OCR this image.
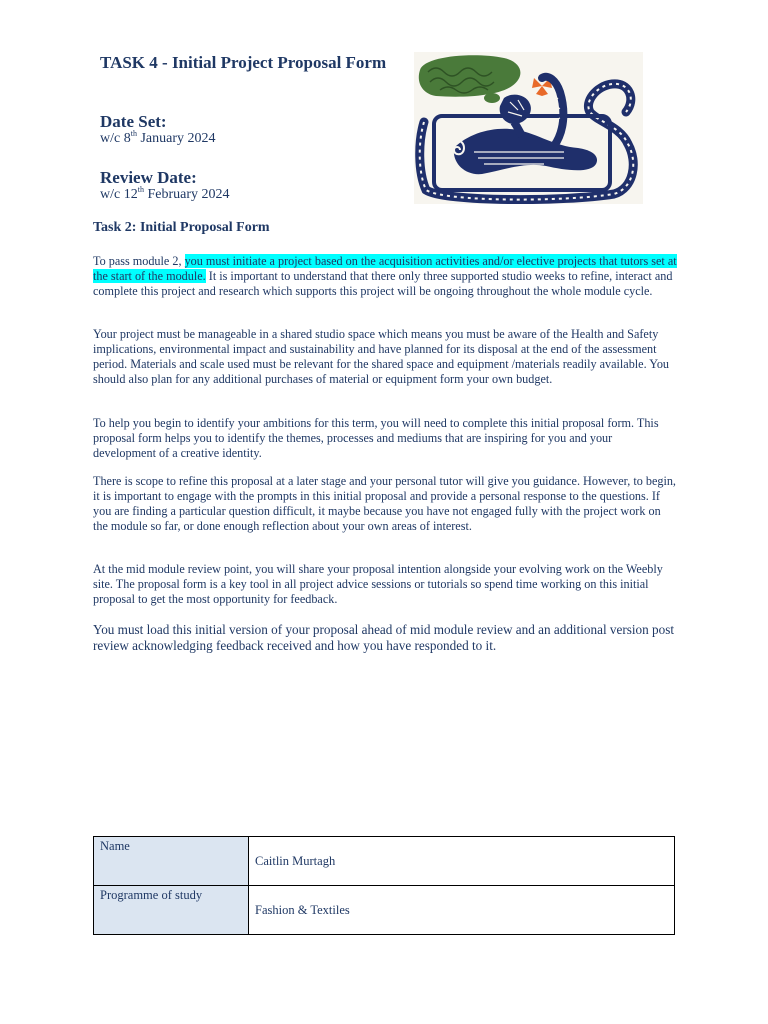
TASK 4 - Initial Project Proposal Form
Date Set:
w/c 8th January 2024
Review Date:
w/c 12th February 2024
Task 2: Initial Proposal Form

To pass module 2, you must initiate a project based on the acquisition activities and/or elective projects that tutors set at the start of the module. It is important to understand that there only three supported studio weeks to refine, interact and complete this project and research which supports this project will be ongoing throughout the whole module cycle.

Your project must be manageable in a shared studio space which means you must be aware of the Health and Safety implications, environmental impact and sustainability and have planned for its disposal at the end of the assessment period. Materials and scale used must be relevant for the shared space and equipment /materials readily available. You should also plan for any additional purchases of material or equipment form your own budget.

To help you begin to identify your ambitions for this term, you will need to complete this initial proposal form. This proposal form helps you to identify the themes, processes and mediums that are inspiring for you and your development of a creative identity.

There is scope to refine this proposal at a later stage and your personal tutor will give you guidance. However, to begin, it is important to engage with the prompts in this initial proposal and provide a personal response to the questions. If you are finding a particular question difficult, it maybe because you have not engaged fully with the project work on the module so far, or done enough reflection about your own areas of interest.

At the mid module review point, you will share your proposal intention alongside your evolving work on the Weebly site. The proposal form is a key tool in all project advice sessions or tutorials so spend time working on this initial proposal to get the most opportunity for feedback.

You must load this initial version of your proposal ahead of mid module review and an additional version post review acknowledging feedback received and how you have responded to it.

Name	Caitlin Murtagh
Programme of study	Fashion & Textiles
